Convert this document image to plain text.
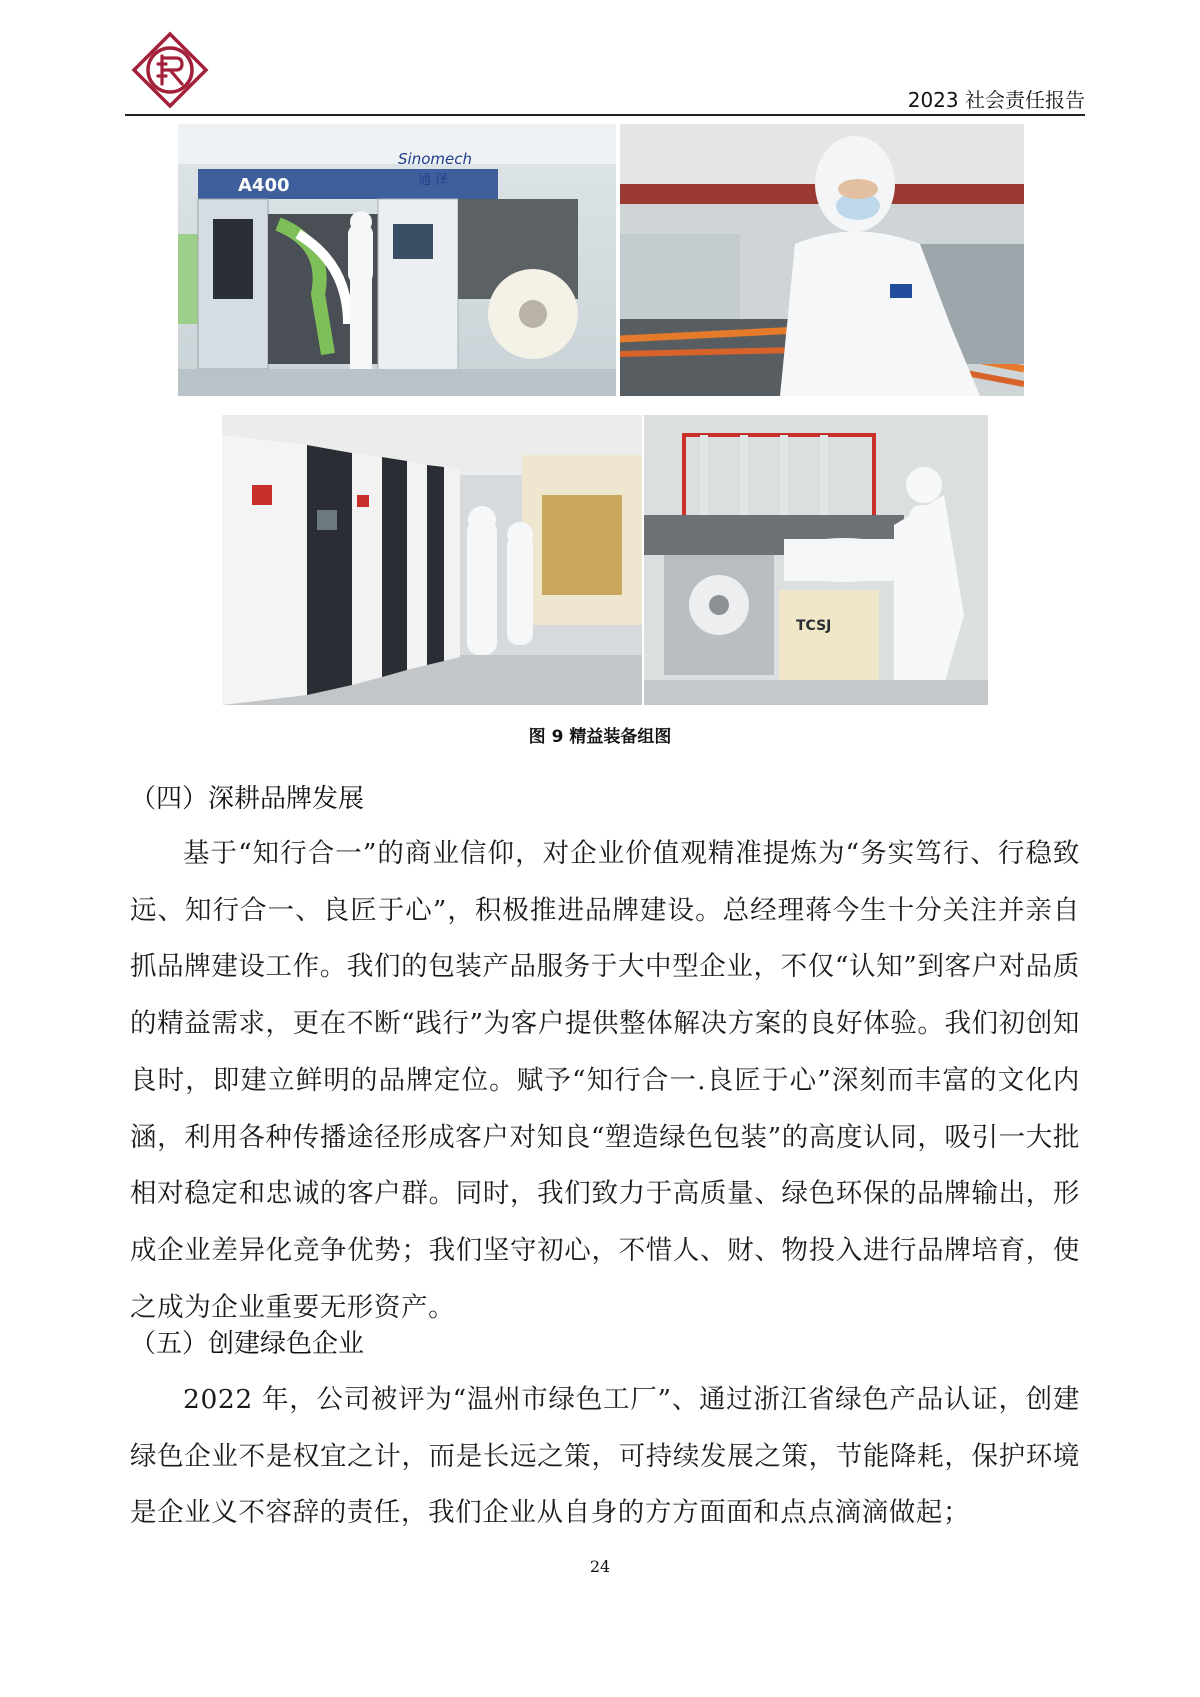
2023 社会责任报告
A400
Sinomech
通 泽
TCSJ
图 9 精益装备组图
（四）深耕品牌发展

基于“知行合一”的商业信仰，对企业价值观精准提炼为“务实笃行、行稳致远、知行合一、良匠于心”，积极推进品牌建设。总经理蒋今生十分关注并亲自抓品牌建设工作。我们的包装产品服务于大中型企业，不仅“认知”到客户对品质的精益需求，更在不断“践行”为客户提供整体解决方案的良好体验。我们初创知良时，即建立鲜明的品牌定位。赋予“知行合一.良匠于心”深刻而丰富的文化内涵，利用各种传播途径形成客户对知良“塑造绿色包装”的高度认同，吸引一大批相对稳定和忠诚的客户群。同时，我们致力于高质量、绿色环保的品牌输出，形成企业差异化竞争优势；我们坚守初心，不惜人、财、物投入进行品牌培育，使之成为企业重要无形资产。

（五）创建绿色企业

2022 年，公司被评为“温州市绿色工厂”、通过浙江省绿色产品认证，创建绿色企业不是权宜之计，而是长远之策，可持续发展之策，节能降耗，保护环境是企业义不容辞的责任，我们企业从自身的方方面面和点点滴滴做起；

24
